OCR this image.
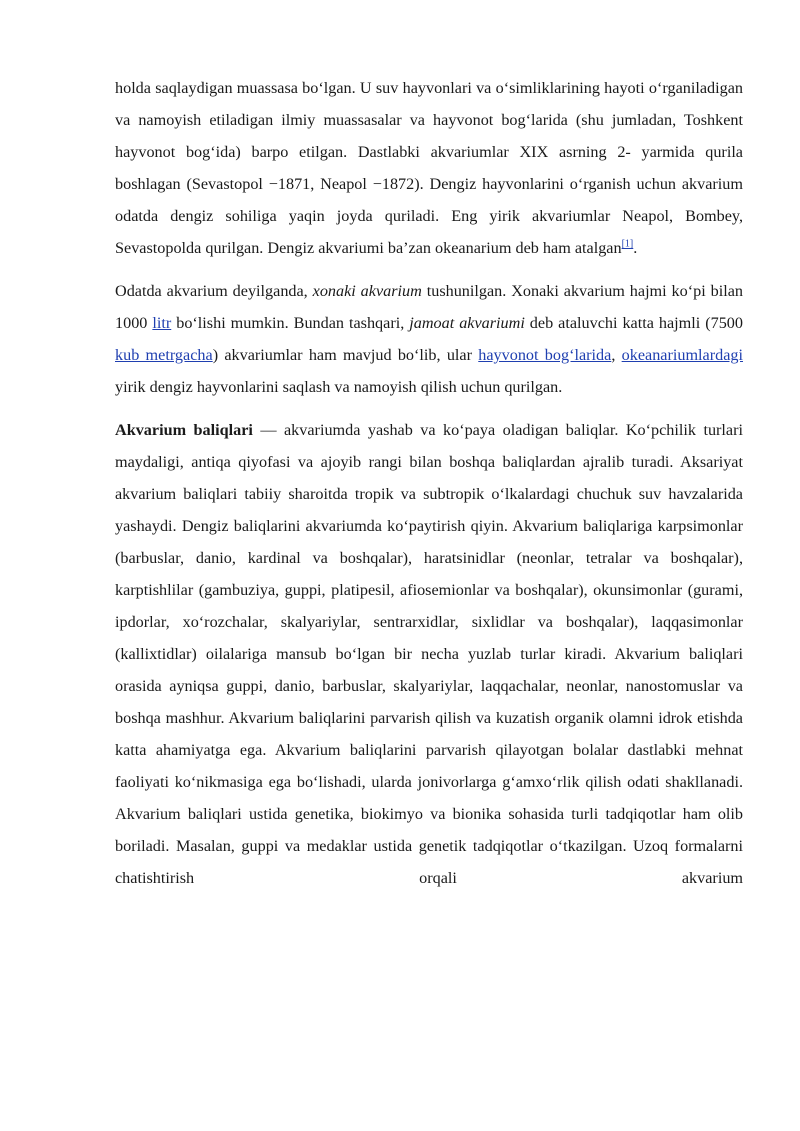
holda saqlaydigan muassasa boʻlgan. U suv hayvonlari va oʻsimliklarining hayoti oʻrganiladigan va namoyish etiladigan ilmiy muassasalar va hayvonot bogʻlarida (shu jumladan, Toshkent hayvonot bogʻida) barpo etilgan. Dastlabki akvariumlar XIX asrning 2- yarmida qurila boshlagan (Sevastopol −1871, Neapol −1872). Dengiz hayvonlarini oʻrganish uchun akvarium odatda dengiz sohiliga yaqin joyda quriladi. Eng yirik akvariumlar Neapol, Bombey, Sevastopolda qurilgan. Dengiz akvariumi baʼzan okeanarium deb ham atalgan[1].

Odatda akvarium deyilganda, xonaki akvarium tushunilgan. Xonaki akvarium hajmi koʻpi bilan 1000 litr boʻlishi mumkin. Bundan tashqari, jamoat akvariumi deb ataluvchi katta hajmli (7500 kub metrgacha) akvariumlar ham mavjud boʻlib, ular hayvonot bogʻlarida, okeanariumlardagi yirik dengiz hayvonlarini saqlash va namoyish qilish uchun qurilgan.

Akvarium baliqlari — akvariumda yashab va koʻpaya oladigan baliqlar. Koʻpchilik turlari maydaligi, antiqa qiyofasi va ajoyib rangi bilan boshqa baliqlardan ajralib turadi. Aksariyat akvarium baliqlari tabiiy sharoitda tropik va subtropik oʻlkalardagi chuchuk suv havzalarida yashaydi. Dengiz baliqlarini akvariumda koʻpaytirish qiyin. Akvarium baliqlariga karpsimonlar (barbuslar, danio, kardinal va boshqalar), haratsinidlar (neonlar, tetralar va boshqalar), karptishlilar (gambuziya, guppi, platipesil, afiosemionlar va boshqalar), okunsimonlar (gurami, ipdorlar, xoʻrozchalar, skalyariylar, sentrarxidlar, sixlidlar va boshqalar), laqqasimonlar (kallixtidlar) oilalariga mansub boʻlgan bir necha yuzlab turlar kiradi. Akvarium baliqlari orasida ayniqsa guppi, danio, barbuslar, skalyariylar, laqqachalar, neonlar, nanostomuslar va boshqa mashhur. Akvarium baliqlarini parvarish qilish va kuzatish organik olamni idrok etishda katta ahamiyatga ega. Akvarium baliqlarini parvarish qilayotgan bolalar dastlabki mehnat faoliyati koʻnikmasiga ega boʻlishadi, ularda jonivorlarga gʻamxoʻrlik qilish odati shakllanadi. Akvarium baliqlari ustida genetika, biokimyo va bionika sohasida turli tadqiqotlar ham olib boriladi. Masalan, guppi va medaklar ustida genetik tadqiqotlar oʻtkazilgan. Uzoq formalarni chatishtirish orqali akvarium
